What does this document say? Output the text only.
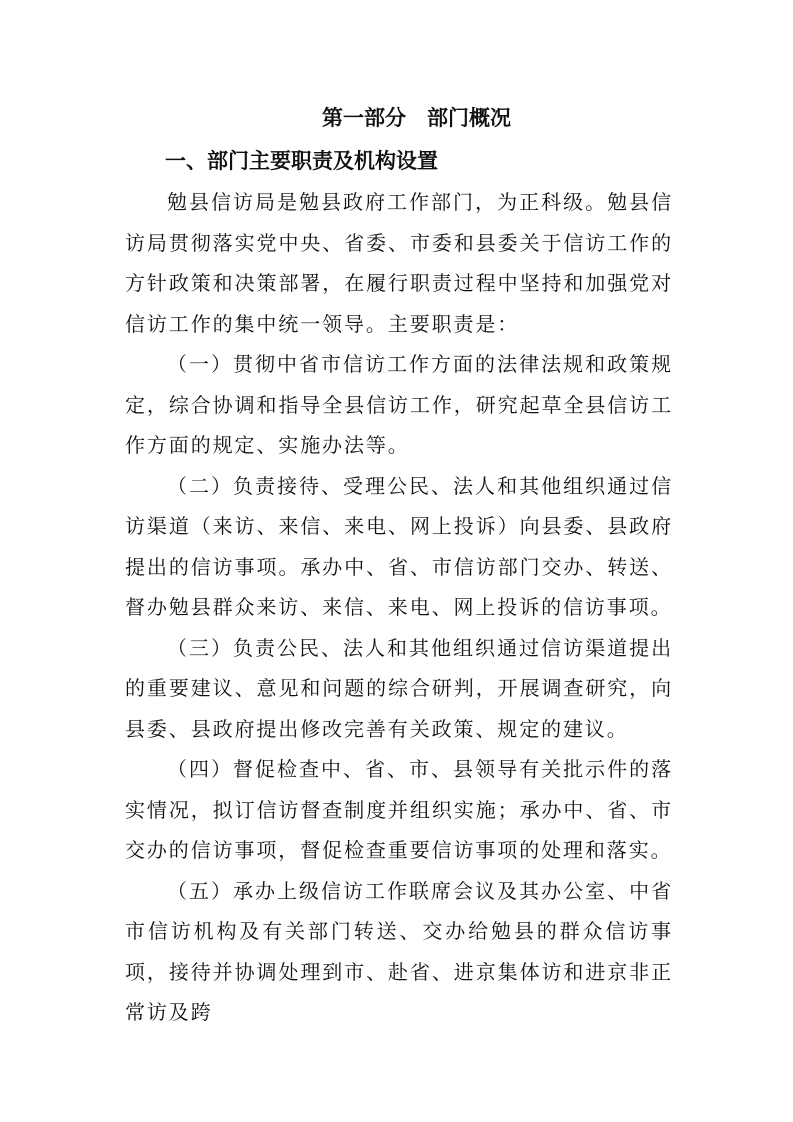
第一部分　部门概况
一、部门主要职责及机构设置

勉县信访局是勉县政府工作部门，为正科级。勉县信访局贯彻落实党中央、省委、市委和县委关于信访工作的方针政策和决策部署，在履行职责过程中坚持和加强党对信访工作的集中统一领导。主要职责是：

（一）贯彻中省市信访工作方面的法律法规和政策规定，综合协调和指导全县信访工作，研究起草全县信访工作方面的规定、实施办法等。

（二）负责接待、受理公民、法人和其他组织通过信访渠道（来访、来信、来电、网上投诉）向县委、县政府提出的信访事项。承办中、省、市信访部门交办、转送、督办勉县群众来访、来信、来电、网上投诉的信访事项。

（三）负责公民、法人和其他组织通过信访渠道提出的重要建议、意见和问题的综合研判，开展调查研究，向县委、县政府提出修改完善有关政策、规定的建议。

（四）督促检查中、省、市、县领导有关批示件的落实情况，拟订信访督查制度并组织实施；承办中、省、市交办的信访事项，督促检查重要信访事项的处理和落实。

（五）承办上级信访工作联席会议及其办公室、中省市信访机构及有关部门转送、交办给勉县的群众信访事项，接待并协调处理到市、赴省、进京集体访和进京非正常访及跨
